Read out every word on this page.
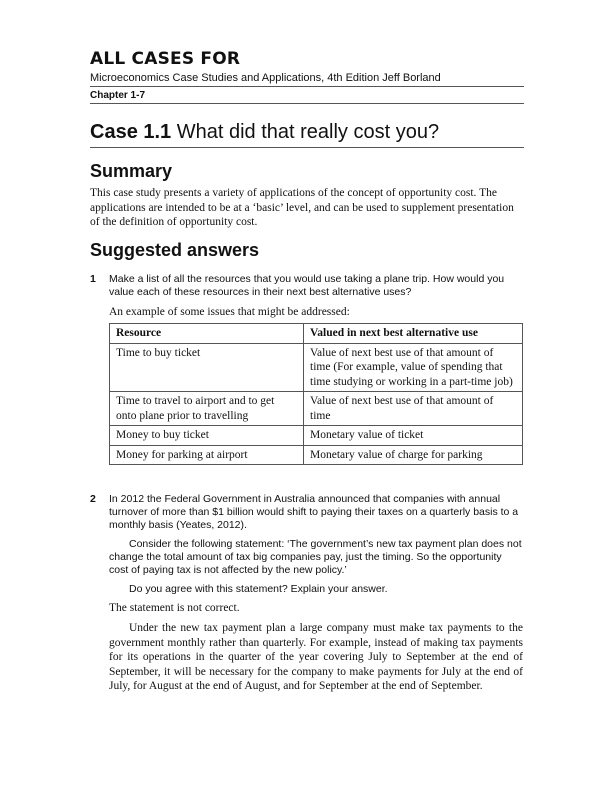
ALL CASES FOR
Microeconomics Case Studies and Applications, 4th Edition Jeff Borland
Chapter 1-7
Case 1.1 What did that really cost you?
Summary
This case study presents a variety of applications of the concept of opportunity cost. The applications are intended to be at a ‘basic’ level, and can be used to supplement presentation of the definition of opportunity cost.
Suggested answers
1 Make a list of all the resources that you would use taking a plane trip. How would you value each of these resources in their next best alternative uses?
An example of some issues that might be addressed:
Resource	Valued in next best alternative use
Time to buy ticket	Value of next best use of that amount of time (For example, value of spending that time studying or working in a part-time job)
Time to travel to airport and to get onto plane prior to travelling	Value of next best use of that amount of time
Money to buy ticket	Monetary value of ticket
Money for parking at airport	Monetary value of charge for parking
2 In 2012 the Federal Government in Australia announced that companies with annual turnover of more than $1 billion would shift to paying their taxes on a quarterly basis to a monthly basis (Yeates, 2012).
Consider the following statement: ‘The government’s new tax payment plan does not change the total amount of tax big companies pay, just the timing. So the opportunity cost of paying tax is not affected by the new policy.’
Do you agree with this statement? Explain your answer.
The statement is not correct.
Under the new tax payment plan a large company must make tax payments to the government monthly rather than quarterly. For example, instead of making tax payments for its operations in the quarter of the year covering July to September at the end of September, it will be necessary for the company to make payments for July at the end of July, for August at the end of August, and for September at the end of September.
